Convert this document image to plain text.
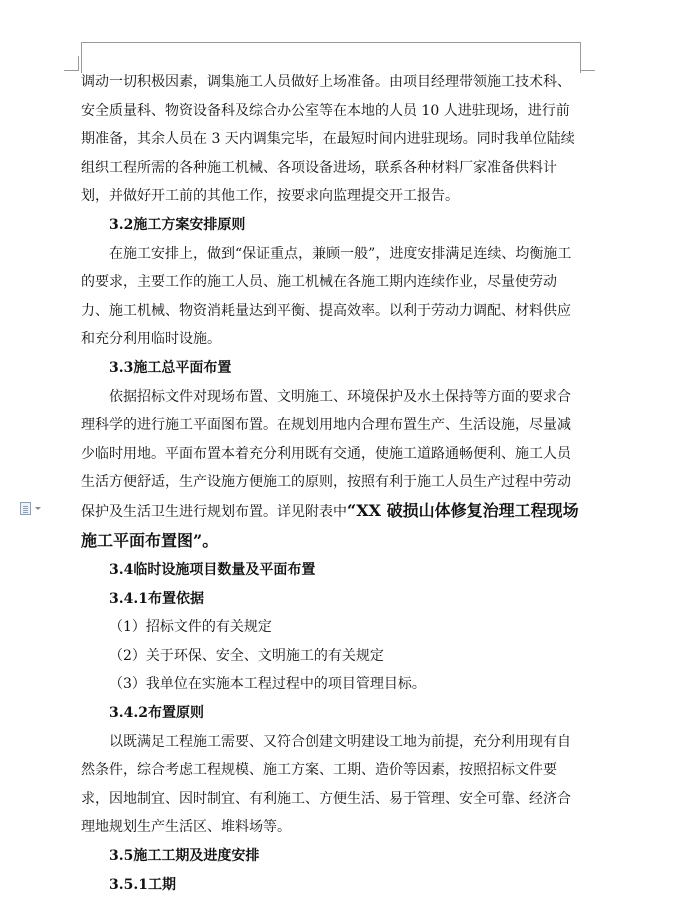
调动一切积极因素，调集施工人员做好上场准备。由项目经理带领施工技术科、安全质量科、物资设备科及综合办公室等在本地的人员 10 人进驻现场，进行前期准备，其余人员在 3 天内调集完毕，在最短时间内进驻现场。同时我单位陆续组织工程所需的各种施工机械、各项设备进场，联系各种材料厂家准备供料计划，并做好开工前的其他工作，按要求向监理提交开工报告。

3.2施工方案安排原则

在施工安排上，做到“保证重点，兼顾一般”，进度安排满足连续、均衡施工的要求，主要工作的施工人员、施工机械在各施工期内连续作业，尽量使劳动力、施工机械、物资消耗量达到平衡、提高效率。以利于劳动力调配、材料供应和充分利用临时设施。

3.3施工总平面布置

依据招标文件对现场布置、文明施工、环境保护及水土保持等方面的要求合理科学的进行施工平面图布置。在规划用地内合理布置生产、生活设施，尽量减少临时用地。平面布置本着充分利用既有交通，使施工道路通畅便利、施工人员生活方便舒适，生产设施方便施工的原则，按照有利于施工人员生产过程中劳动保护及生活卫生进行规划布置。详见附表中“XX 破损山体修复治理工程现场施工平面布置图”。

3.4临时设施项目数量及平面布置

3.4.1布置依据

（1）招标文件的有关规定

（2）关于环保、安全、文明施工的有关规定

（3）我单位在实施本工程过程中的项目管理目标。

3.4.2布置原则

以既满足工程施工需要、又符合创建文明建设工地为前提，充分利用现有自然条件，综合考虑工程规模、施工方案、工期、造价等因素，按照招标文件要求，因地制宜、因时制宜、有利施工、方便生活、易于管理、安全可靠、经济合理地规划生产生活区、堆料场等。

3.5施工工期及进度安排

3.5.1工期
